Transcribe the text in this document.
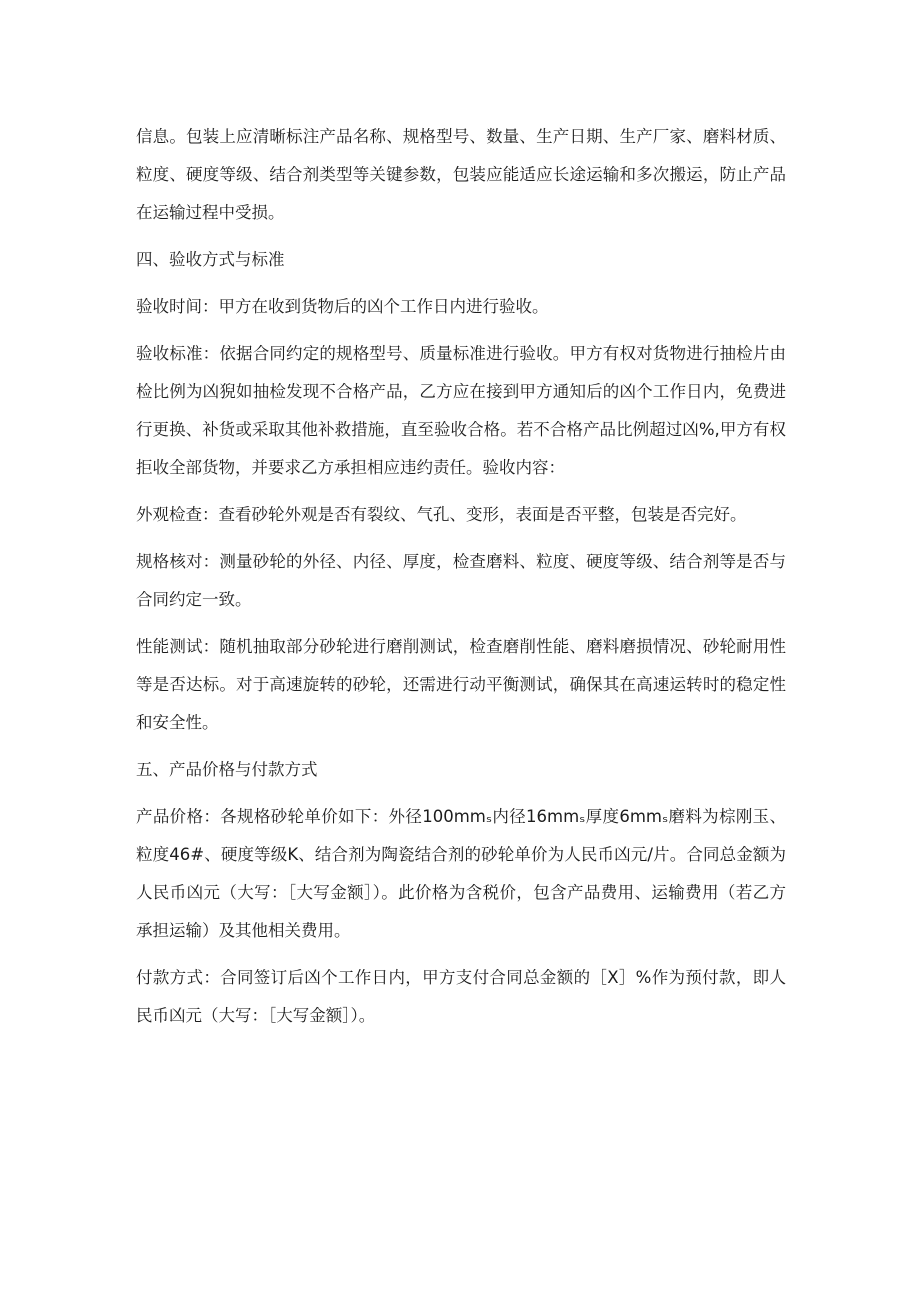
信息。包装上应清晰标注产品名称、规格型号、数量、生产日期、生产厂家、磨料材质、粒度、硬度等级、结合剂类型等关键参数，包装应能适应长途运输和多次搬运，防止产品在运输过程中受损。

四、验收方式与标准

验收时间：甲方在收到货物后的凶个工作日内进行验收。

验收标准：依据合同约定的规格型号、质量标准进行验收。甲方有权对货物进行抽检片由检比例为凶猊如抽检发现不合格产品，乙方应在接到甲方通知后的凶个工作日内，免费进行更换、补货或采取其他补救措施，直至验收合格。若不合格产品比例超过凶%,甲方有权拒收全部货物，并要求乙方承担相应违约责任。验收内容：

外观检查：查看砂轮外观是否有裂纹、气孔、变形，表面是否平整，包装是否完好。

规格核对：测量砂轮的外径、内径、厚度，检查磨料、粒度、硬度等级、结合剂等是否与合同约定一致。

性能测试：随机抽取部分砂轮进行磨削测试，检查磨削性能、磨料磨损情况、砂轮耐用性等是否达标。对于高速旋转的砂轮，还需进行动平衡测试，确保其在高速运转时的稳定性和安全性。

五、产品价格与付款方式

产品价格：各规格砂轮单价如下：外径100mmₛ内径16mmₛ厚度6mmₛ磨料为棕刚玉、粒度46#、硬度等级K、结合剂为陶瓷结合剂的砂轮单价为人民币凶元/片。合同总金额为人民币凶元（大写：［大写金额］）。此价格为含税价，包含产品费用、运输费用（若乙方承担运输）及其他相关费用。

付款方式：合同签订后凶个工作日内，甲方支付合同总金额的［X］%作为预付款，即人民币凶元（大写：［大写金额］）。
